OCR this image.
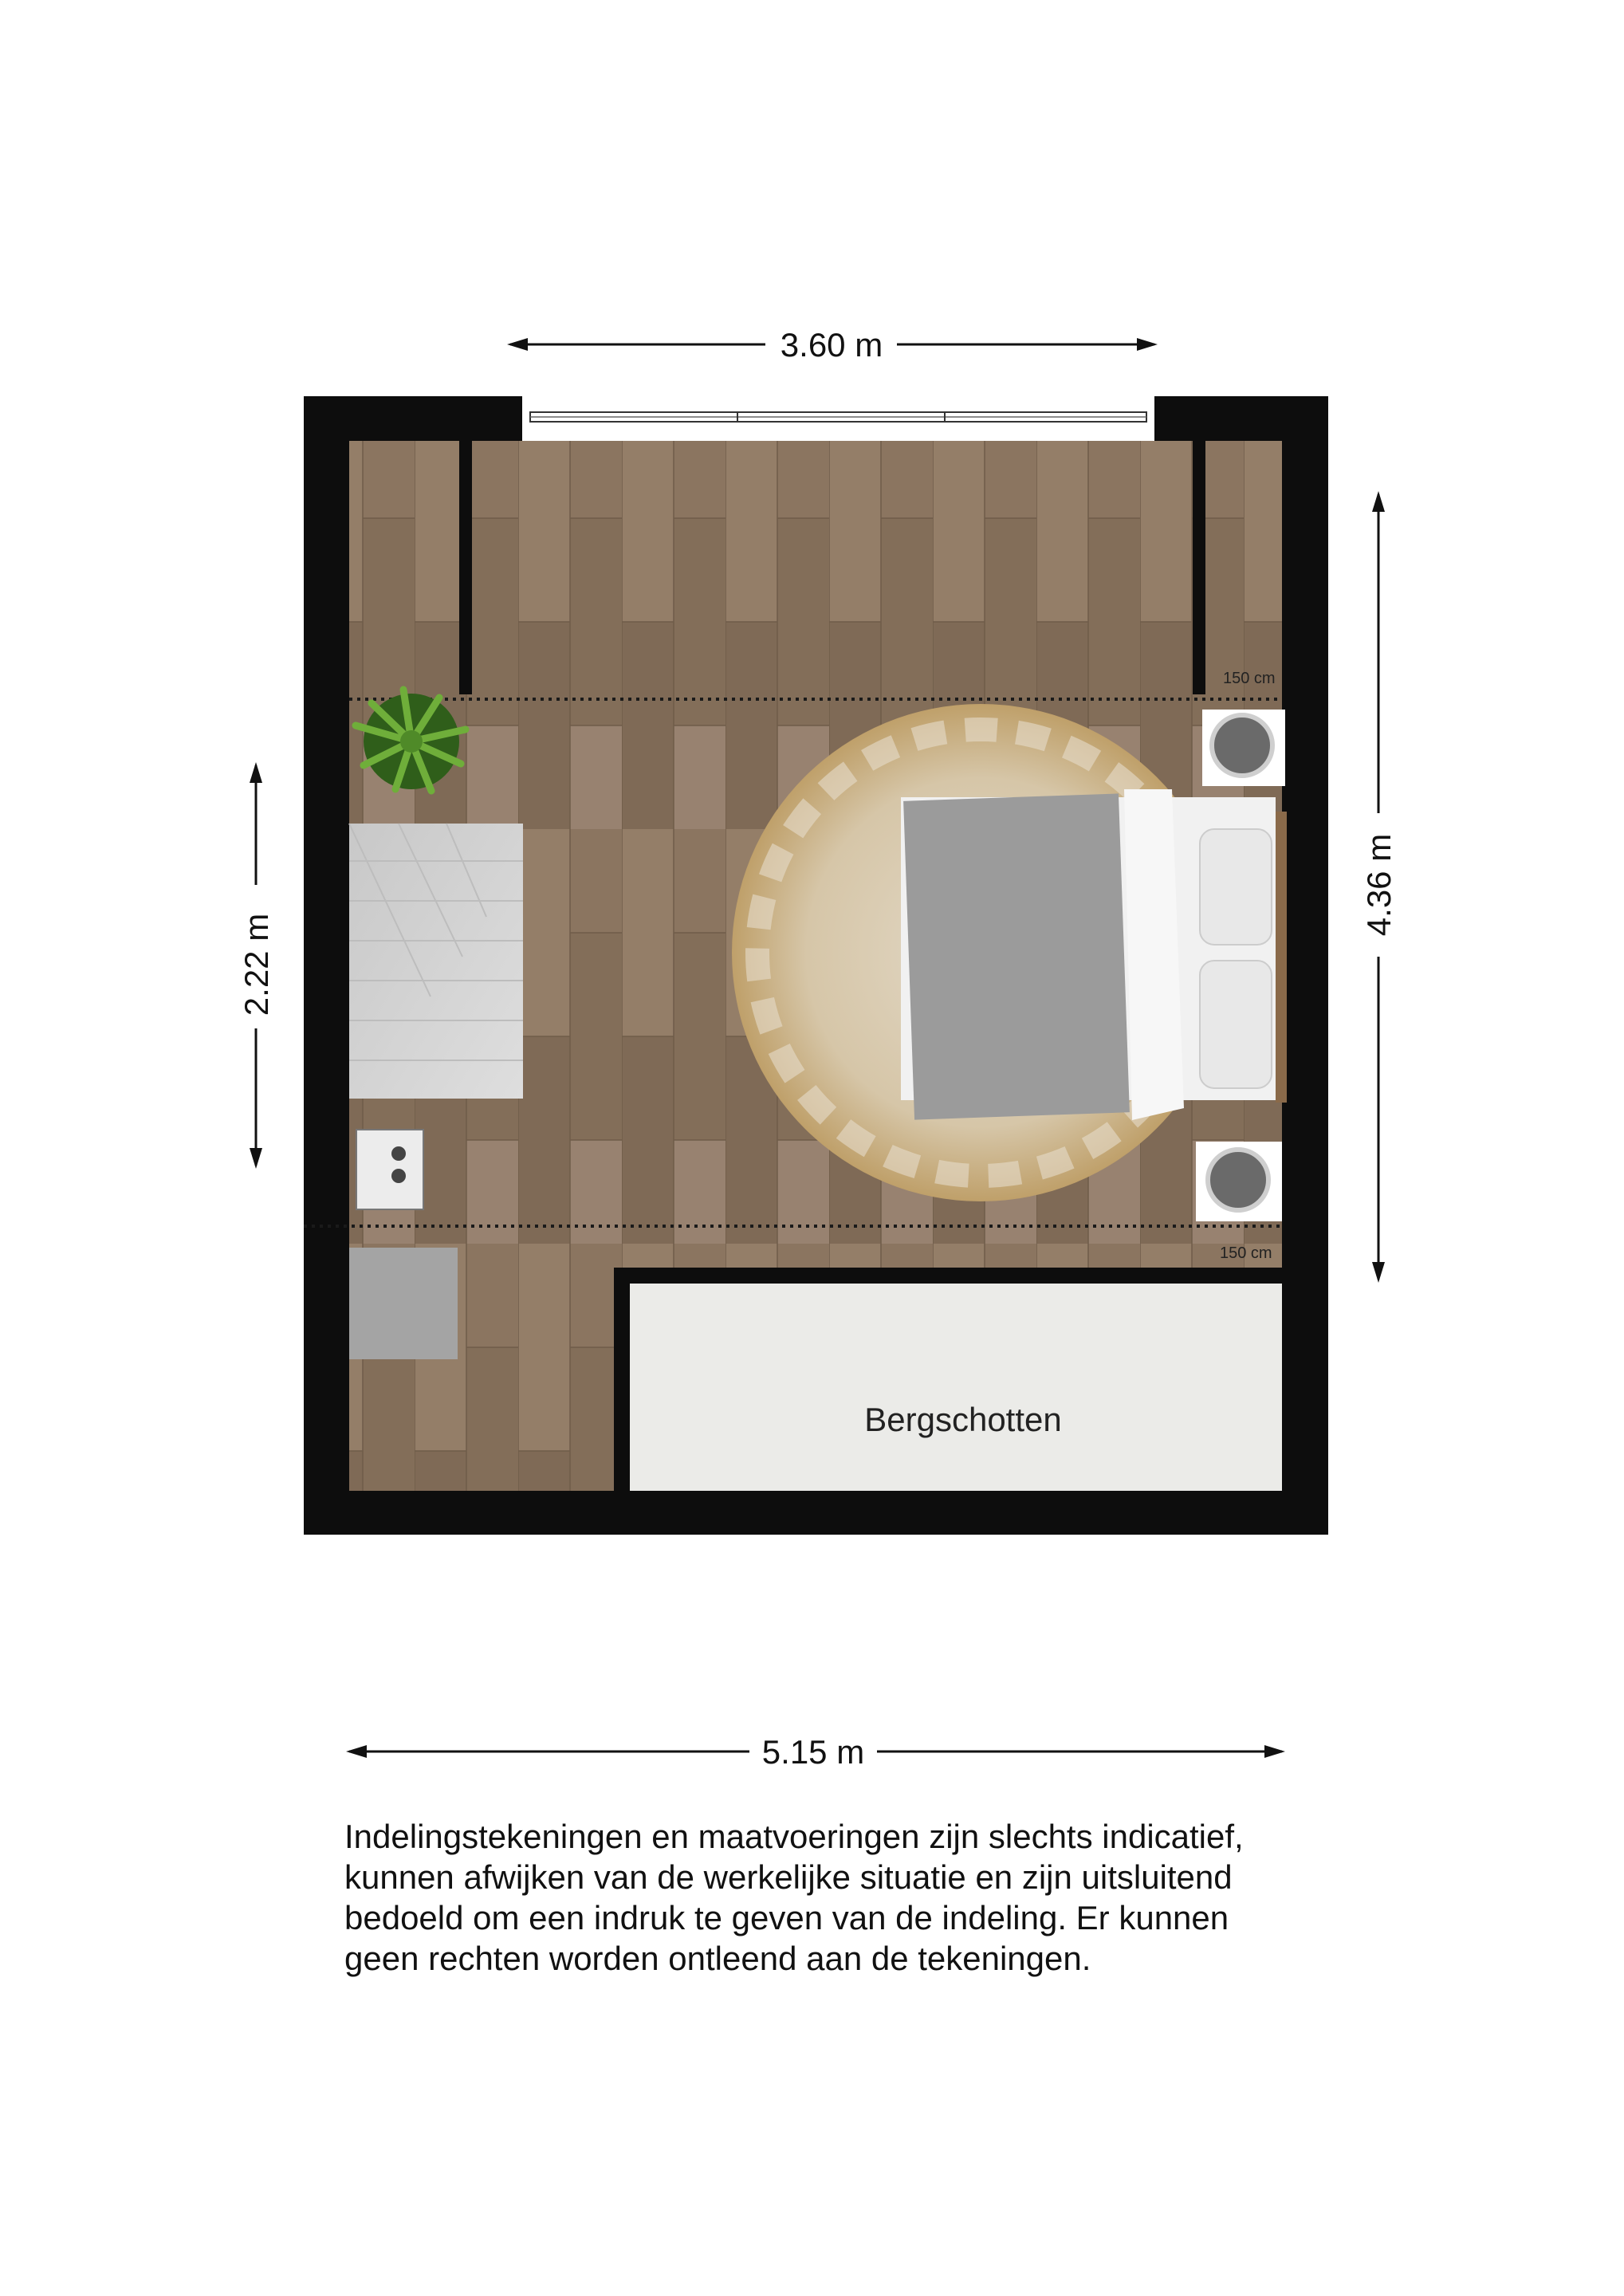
3.60 m
5.15 m
2.22 m
4.36 m
150 cm
150 cm
Bergschotten

Indelingstekeningen en maatvoeringen zijn slechts indicatief,
kunnen afwijken van de werkelijke situatie en zijn uitsluitend
bedoeld om een indruk te geven van de indeling. Er kunnen
geen rechten worden ontleend aan de tekeningen.
